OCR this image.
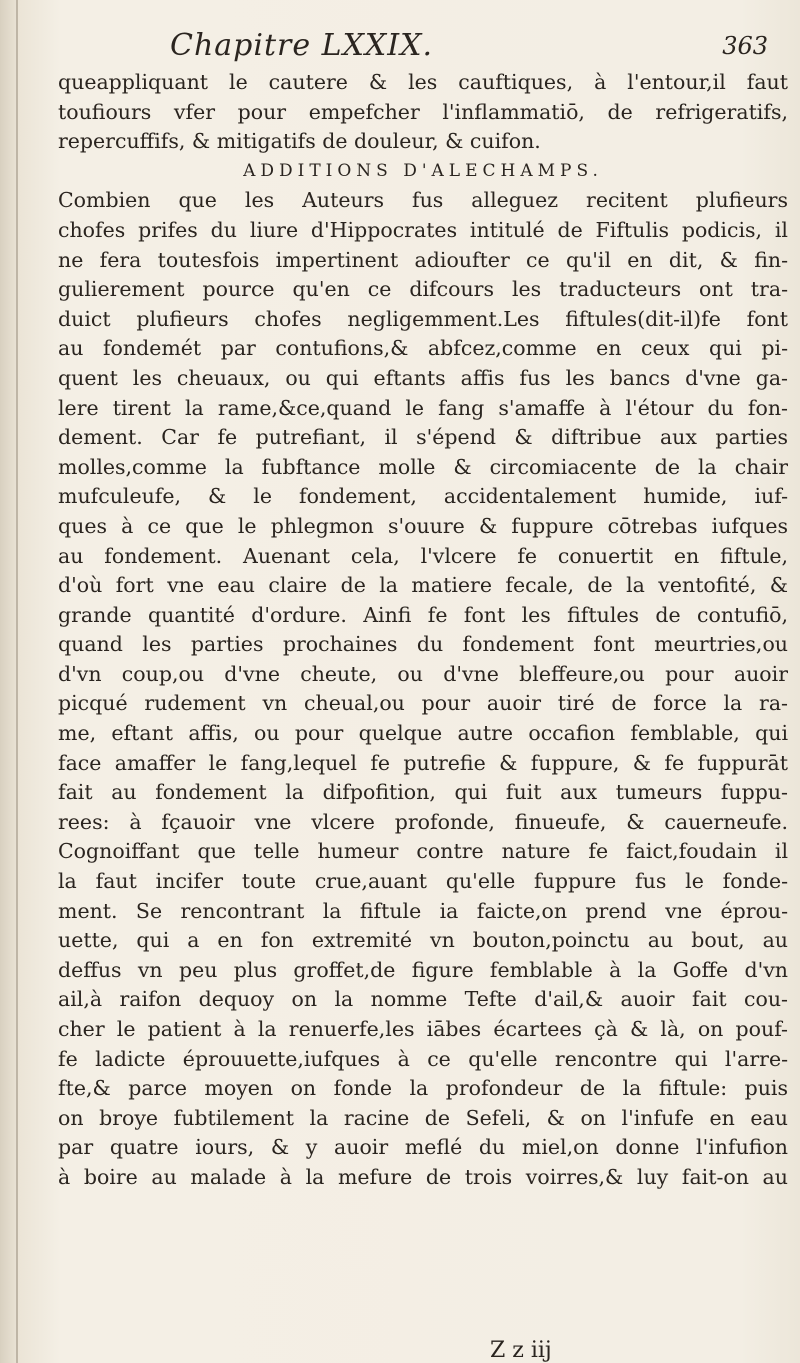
Chapitre LXXIX.	363
queappliquant le cautere & les cauftiques, à l'entour,il faut
toufiours vfer pour empefcher l'inflammatiō, de refrigeratifs,
repercuffifs, & mitigatifs de douleur, & cuifon.
ADDITIONS D'ALECHAMPS.
Combien que les Auteurs fus alleguez recitent plufieurs
chofes prifes du liure d'Hippocrates intitulé de Fiftulis podicis, il
ne fera toutesfois impertinent adioufter ce qu'il en dit, & fin-
gulierement pource qu'en ce difcours les traducteurs ont tra-
duict plufieurs chofes negligemment.Les fiftules(dit-il)fe font
au fondemét par contufions,& abfcez,comme en ceux qui pi-
quent les cheuaux, ou qui eftants affis fus les bancs d'vne ga-
lere tirent la rame,&ce,quand le fang s'amaffe à l'étour du fon-
dement. Car fe putrefiant, il s'épend & diftribue aux parties
molles,comme la fubftance molle & circomiacente de la chair
mufculeufe, & le fondement, accidentalement humide, iuf-
ques à ce que le phlegmon s'ouure & fuppure cōtrebas iufques
au fondement. Auenant cela, l'vlcere fe conuertit en fiftule,
d'où fort vne eau claire de la matiere fecale, de la ventofité, &
grande quantité d'ordure. Ainfi fe font les fiftules de contufiō,
quand les parties prochaines du fondement font meurtries,ou
d'vn coup,ou d'vne cheute, ou d'vne bleffeure,ou pour auoir
picqué rudement vn cheual,ou pour auoir tiré de force la ra-
me, eftant affis, ou pour quelque autre occafion femblable, qui
face amaffer le fang,lequel fe putrefie & fuppure, & fe fuppurāt
fait au fondement la difpofition, qui fuit aux tumeurs fuppu-
rees: à fçauoir vne vlcere profonde, finueufe, & cauerneufe.
Cognoiffant que telle humeur contre nature fe faict,foudain il
la faut incifer toute crue,auant qu'elle fuppure fus le fonde-
ment. Se rencontrant la fiftule ia faicte,on prend vne éprou-
uette, qui a en fon extremité vn bouton,poinctu au bout, au
deffus vn peu plus groffet,de figure femblable à la Goffe d'vn
ail,à raifon dequoy on la nomme Tefte d'ail,& auoir fait cou-
cher le patient à la renuerfe,les iābes écartees çà & là, on pouf-
fe ladicte éprouuette,iufques à ce qu'elle rencontre qui l'arre-
fte,& parce moyen on fonde la profondeur de la fiftule: puis
on broye fubtilement la racine de Sefeli, & on l'infufe en eau
par quatre iours, & y auoir meflé du miel,on donne l'infufion
à boire au malade à la mefure de trois voirres,& luy fait-on au
Z z iij
